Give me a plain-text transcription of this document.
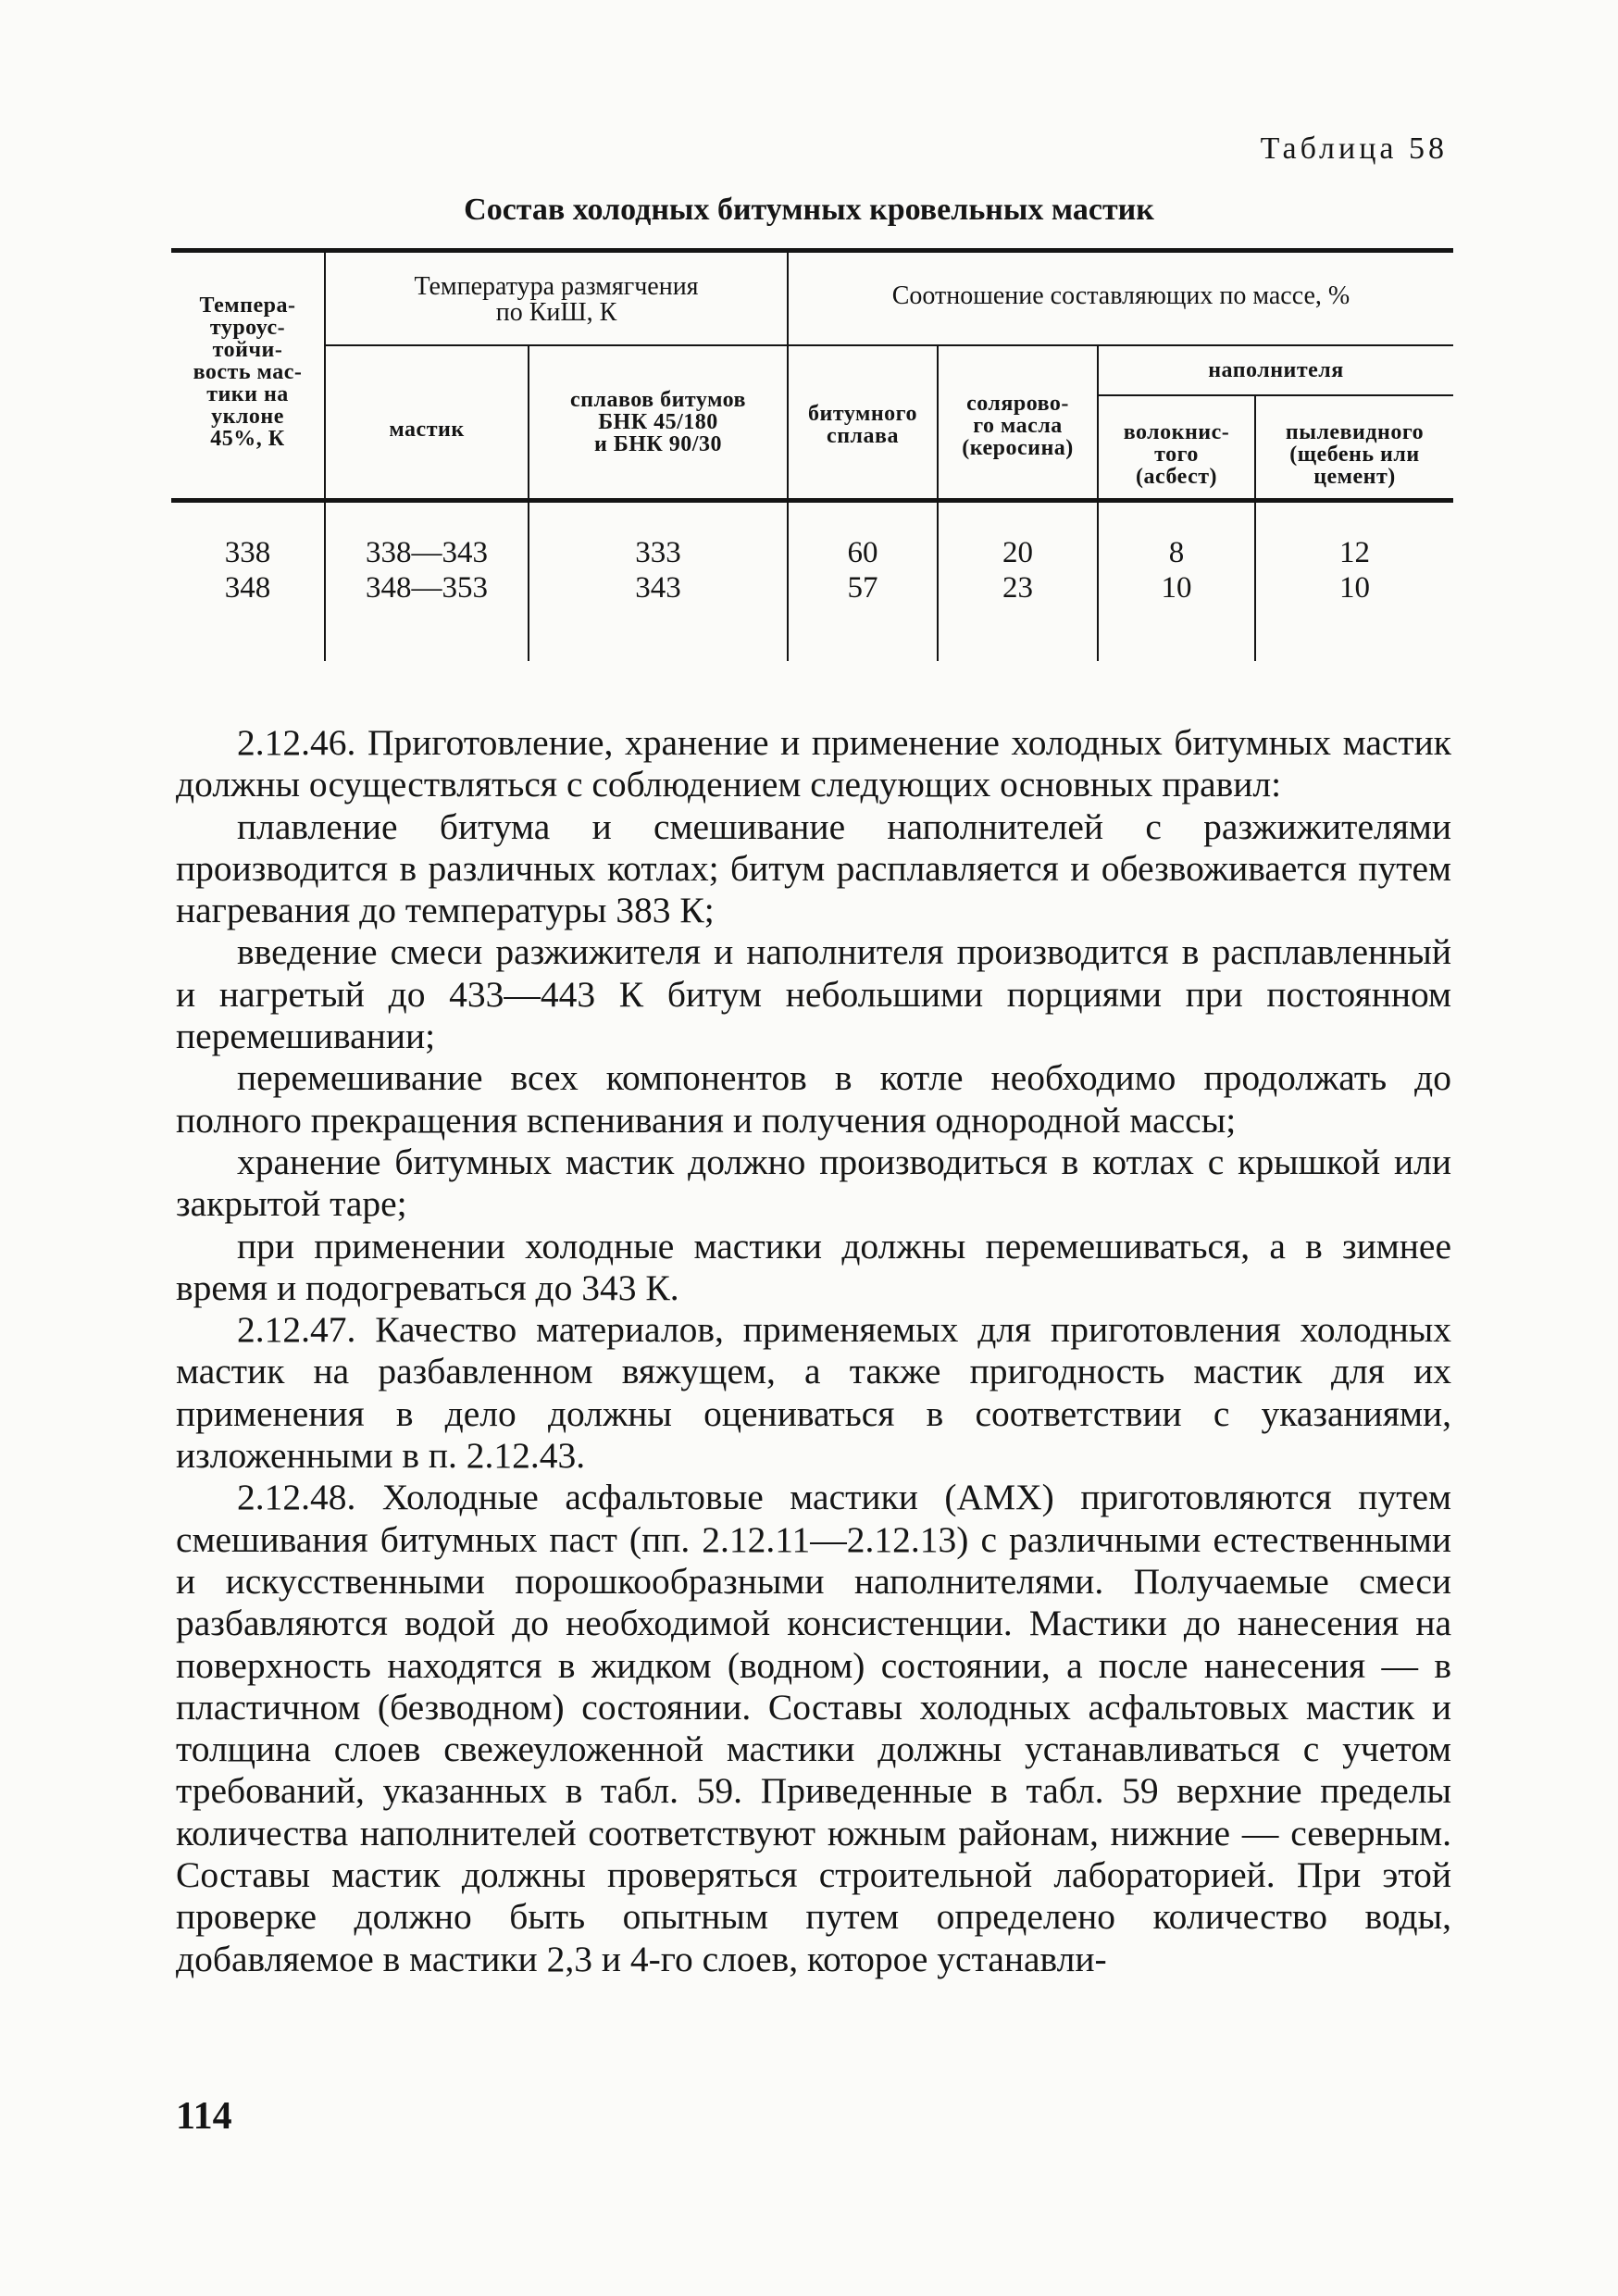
Таблица 58
Состав холодных битумных кровельных мастик
Темпера-
туроус-
тойчи-
вость мас-
тики на
уклоне
45%, К
Температура размягчения
по КиШ, К
Соотношение составляющих по массе, %
мастик
сплавов битумов
БНК 45/180
и БНК 90/30
битумного
сплава
солярово-
го масла
(керосина)
наполнителя
волокнис-
того
(асбест)
пылевидного
(щебень или
цемент)
338
348
338—343
348—353
333
343
60
57
20
23
8
10
12
10

2.12.46. Приготовление, хранение и применение холодных битумных мастик должны осуществляться с соблюдением следующих основных правил:

плавление битума и смешивание наполнителей с разжижителями производится в различных котлах; битум расплавляется и обезвоживается путем нагревания до температуры 383 К;

введение смеси разжижителя и наполнителя производится в расплавленный и нагретый до 433—443 К битум небольшими порциями при постоянном перемешивании;

перемешивание всех компонентов в котле необходимо продолжать до полного прекращения вспенивания и получения однородной массы;

хранение битумных мастик должно производиться в котлах с крышкой или закрытой таре;

при применении холодные мастики должны перемешиваться, а в зимнее время и подогреваться до 343 К.

2.12.47. Качество материалов, применяемых для приготовления холодных мастик на разбавленном вяжущем, а также пригодность мастик для их применения в дело должны оцениваться в соответствии с указаниями, изложенными в п. 2.12.43.

2.12.48. Холодные асфальтовые мастики (АМХ) приготовляются путем смешивания битумных паст (пп. 2.12.11—2.12.13) с различными естественными и искусственными порошкообразными наполнителями. Получаемые смеси разбавляются водой до необходимой консистенции. Мастики до нанесения на поверхность находятся в жидком (водном) состоянии, а после нанесения — в пластичном (безводном) состоянии. Составы холодных асфальтовых мастик и толщина слоев свежеуложенной мастики должны устанавливаться с учетом требований, указанных в табл. 59. Приведенные в табл. 59 верхние пределы количества наполнителей соответствуют южным районам, нижние — северным. Составы мастик должны проверяться строительной лабораторией. При этой проверке должно быть опытным путем определено количество воды, добавляемое в мастики 2,3 и 4-го слоев, которое устанавли-

114
